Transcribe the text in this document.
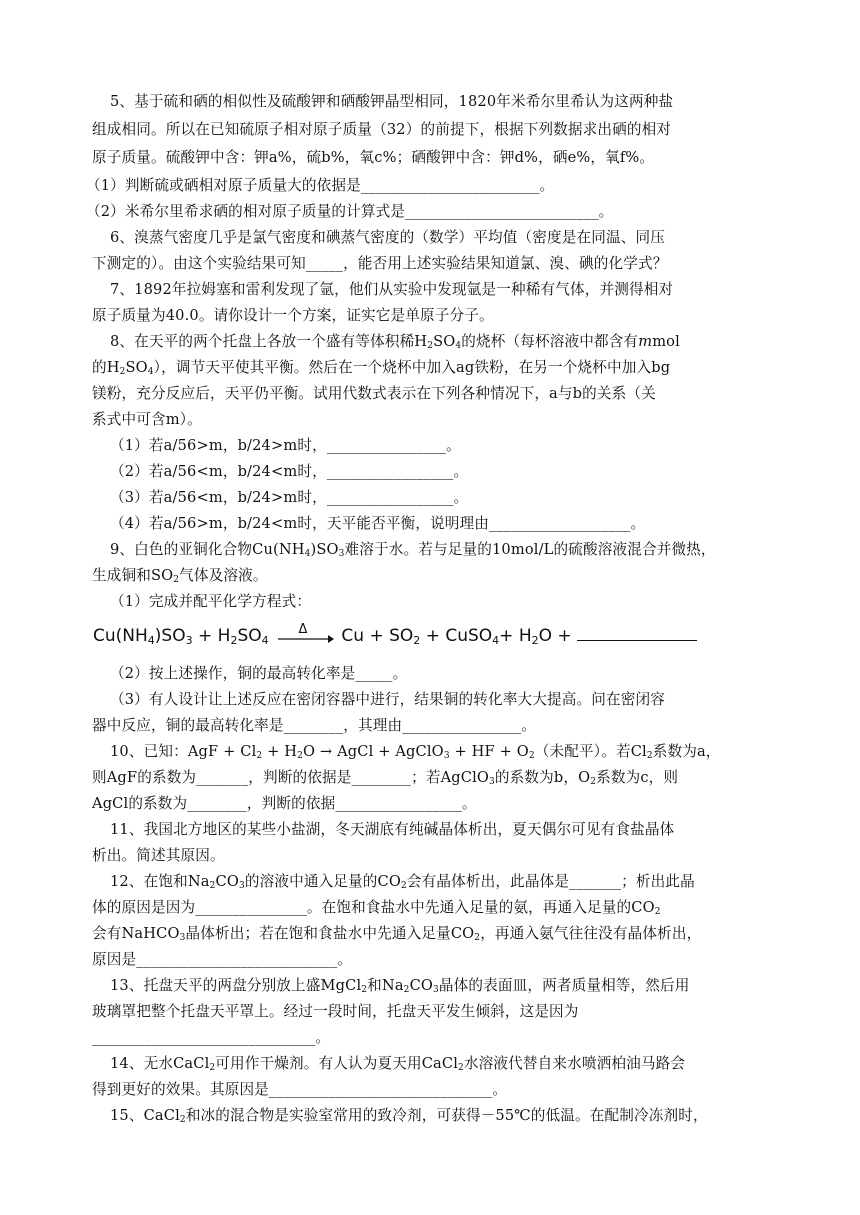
5、基于硫和硒的相似性及硫酸钾和硒酸钾晶型相同，1820年米希尔里希认为这两种盐
组成相同。所以在已知硫原子相对原子质量（32）的前提下，根据下列数据求出硒的相对
原子质量。硫酸钾中含：钾a%，硫b%，氧c%；硒酸钾中含：钾d%，硒e%，氧f%。
（1）判断硫或硒相对原子质量大的依据是________________________。
（2）米希尔里希求硒的相对原子质量的计算式是__________________________。
6、溴蒸气密度几乎是氯气密度和碘蒸气密度的（数学）平均值（密度是在同温、同压
下测定的）。由这个实验结果可知_____，能否用上述实验结果知道氯、溴、碘的化学式？
7、1892年拉姆塞和雷利发现了氩，他们从实验中发现氩是一种稀有气体，并测得相对
原子质量为40.0。请你设计一个方案，证实它是单原子分子。
8、在天平的两个托盘上各放一个盛有等体积稀$H_2SO_4$的烧杯（每杯溶液中都含有mmol
的$H_2SO_4$），调节天平使其平衡。然后在一个烧杯中加入ag铁粉，在另一个烧杯中加入bg
镁粉，充分反应后，天平仍平衡。试用代数式表示在下列各种情况下，a与b的关系（关
系式中可含m）。
（1）若a/56>m，b/24>m时，________________。
（2）若a/56<m，b/24<m时，_________________。
（3）若a/56<m，b/24>m时，_________________。
（4）若a/56>m，b/24<m时，天平能否平衡，说明理由___________________。
9、白色的亚铜化合物$Cu(NH_4)SO_3$难溶于水。若与足量的10mol/L的硫酸溶液混合并微热，
生成铜和$SO_2$气体及溶液。
（1）完成并配平化学方程式：
$Cu(NH_4)SO_3 + H_2SO_4$
Δ $Cu + SO_2$ + CuSO$_4$+ $H_2O$ +
（2）按上述操作，铜的最高转化率是_____。
（3）有人设计让上述反应在密闭容器中进行，结果铜的转化率大大提高。问在密闭容
器中反应，铜的最高转化率是________，其理由________________。
10、已知：AgF + $Cl_2 + H_2O$ → AgCl + AgClO$_3$ + HF + $O_2$（未配平）。若$Cl_2$系数为a，
则AgF的系数为_______，判断的依据是________；若AgClO$_3$的系数为b，$O_2$系数为c，则
AgCl的系数为________，判断的依据_________________。
11、我国北方地区的某些小盐湖，冬天湖底有纯碱晶体析出，夏天偶尔可见有食盐晶体
析出。简述其原因。
12、在饱和$Na_2CO_3$的溶液中通入足量的$CO_2$会有晶体析出，此晶体是_______；析出此晶
体的原因是因为_______________。在饱和食盐水中先通入足量的氨，再通入足量的$CO_2$
会有NaHCO$_3$晶体析出；若在饱和食盐水中先通入足量$CO_2$，再通入氨气往往没有晶体析出，
原因是___________________________。
13、托盘天平的两盘分别放上盛MgCl$_2$和$Na_2CO_3$晶体的表面皿，两者质量相等，然后用
玻璃罩把整个托盘天平罩上。经过一段时间，托盘天平发生倾斜，这是因为
______________________________。
14、无水CaCl$_2$可用作干燥剂。有人认为夏天用CaCl$_2$水溶液代替自来水喷洒柏油马路会
得到更好的效果。其原因是______________________________。
15、CaCl$_2$和冰的混合物是实验室常用的致冷剂，可获得－55℃的低温。在配制冷冻剂时，
